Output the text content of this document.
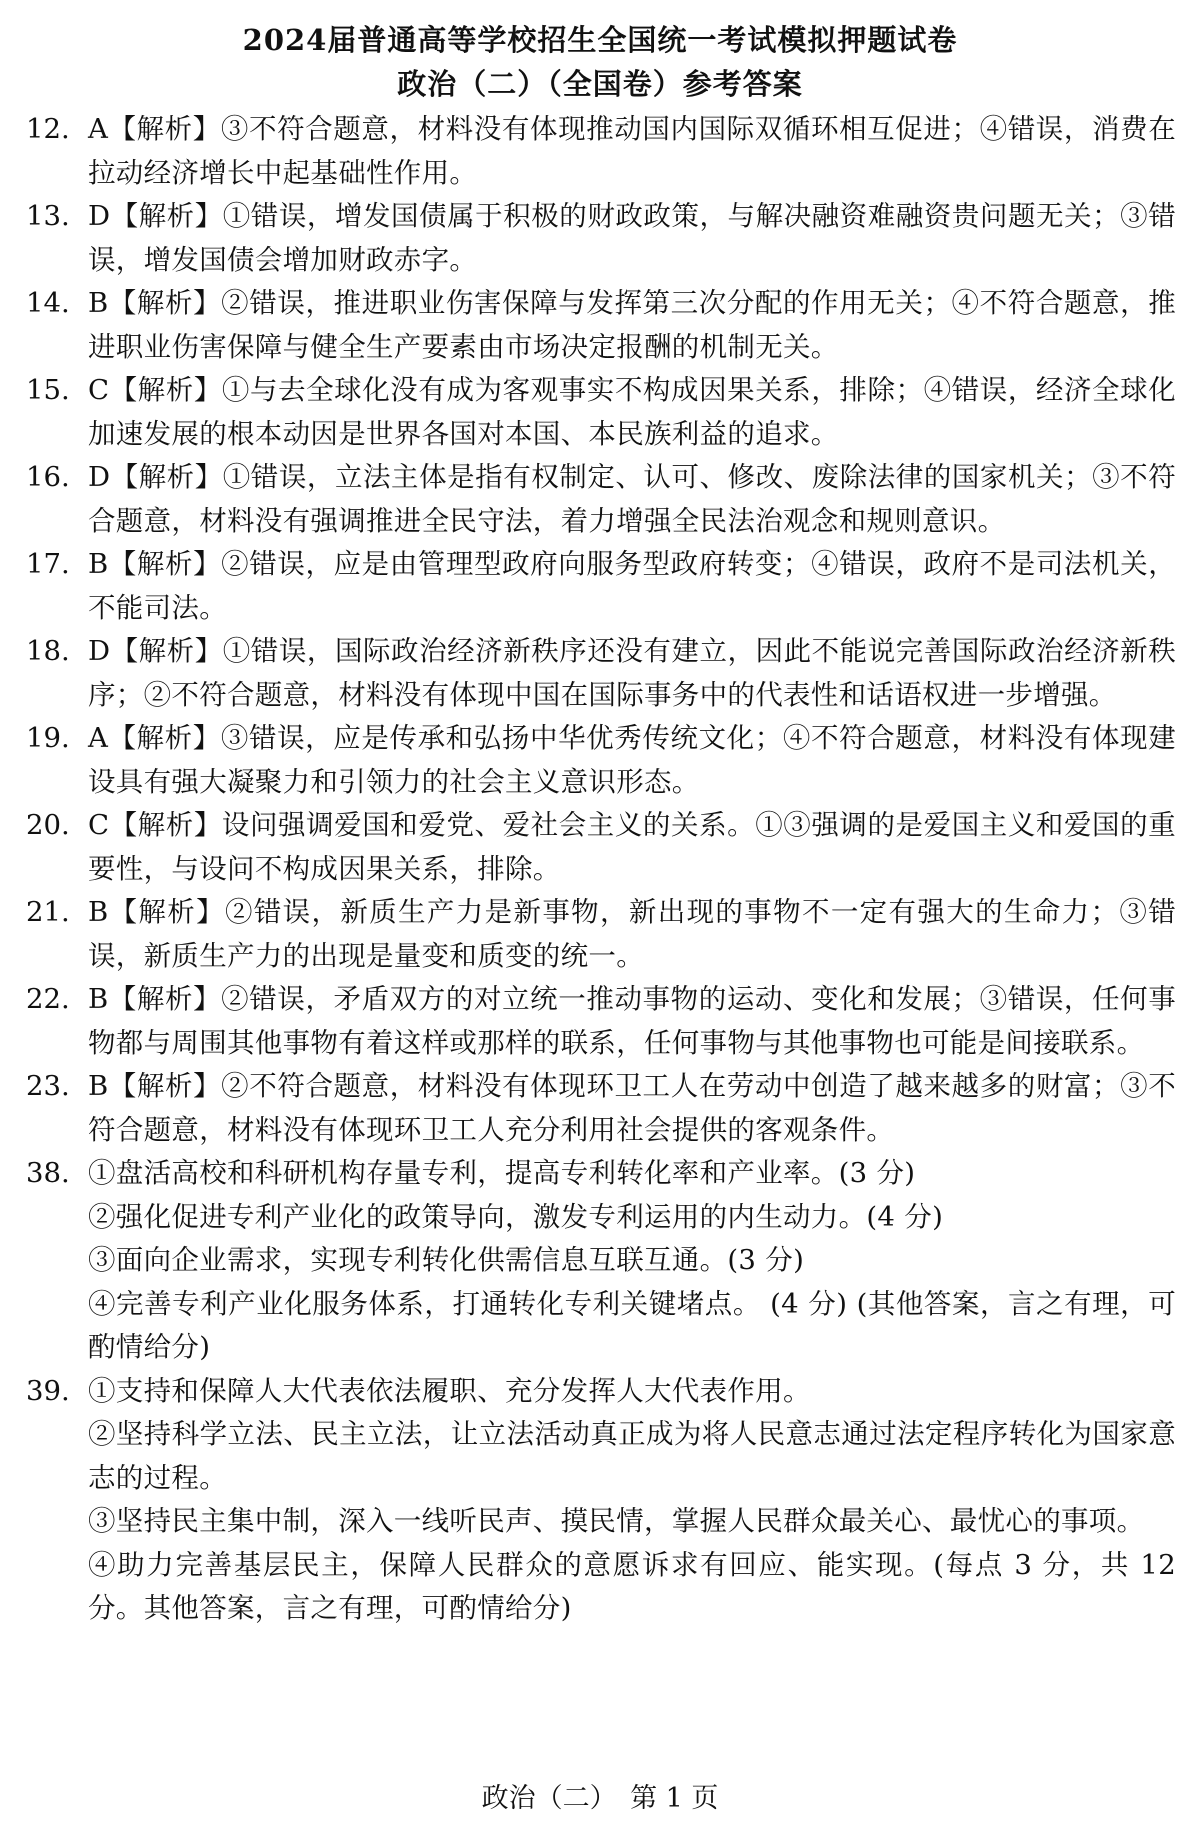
2024届普通高等学校招生全国统一考试模拟押题试卷
政治（二）（全国卷）参考答案
12. A【解析】③不符合题意，材料没有体现推动国内国际双循环相互促进；④错误，消费在拉动经济增长中起基础性作用。
13. D【解析】①错误，增发国债属于积极的财政政策，与解决融资难融资贵问题无关；③错误，增发国债会增加财政赤字。
14. B【解析】②错误，推进职业伤害保障与发挥第三次分配的作用无关；④不符合题意，推进职业伤害保障与健全生产要素由市场决定报酬的机制无关。
15. C【解析】①与去全球化没有成为客观事实不构成因果关系，排除；④错误，经济全球化加速发展的根本动因是世界各国对本国、本民族利益的追求。
16. D【解析】①错误，立法主体是指有权制定、认可、修改、废除法律的国家机关；③不符合题意，材料没有强调推进全民守法，着力增强全民法治观念和规则意识。
17. B【解析】②错误，应是由管理型政府向服务型政府转变；④错误，政府不是司法机关，不能司法。
18. D【解析】①错误，国际政治经济新秩序还没有建立，因此不能说完善国际政治经济新秩序；②不符合题意，材料没有体现中国在国际事务中的代表性和话语权进一步增强。
19. A【解析】③错误，应是传承和弘扬中华优秀传统文化；④不符合题意，材料没有体现建设具有强大凝聚力和引领力的社会主义意识形态。
20. C【解析】设问强调爱国和爱党、爱社会主义的关系。①③强调的是爱国主义和爱国的重要性，与设问不构成因果关系，排除。
21. B【解析】②错误，新质生产力是新事物，新出现的事物不一定有强大的生命力；③错误，新质生产力的出现是量变和质变的统一。
22. B【解析】②错误，矛盾双方的对立统一推动事物的运动、变化和发展；③错误，任何事物都与周围其他事物有着这样或那样的联系，任何事物与其他事物也可能是间接联系。
23. B【解析】②不符合题意，材料没有体现环卫工人在劳动中创造了越来越多的财富；③不符合题意，材料没有体现环卫工人充分利用社会提供的客观条件。
38. ①盘活高校和科研机构存量专利，提高专利转化率和产业率。(3 分)
②强化促进专利产业化的政策导向，激发专利运用的内生动力。(4 分)
③面向企业需求，实现专利转化供需信息互联互通。(3 分)
④完善专利产业化服务体系，打通转化专利关键堵点。 (4 分) (其他答案，言之有理，可酌情给分)
39. ①支持和保障人大代表依法履职、充分发挥人大代表作用。
②坚持科学立法、民主立法，让立法活动真正成为将人民意志通过法定程序转化为国家意志的过程。
③坚持民主集中制，深入一线听民声、摸民情，掌握人民群众最关心、最忧心的事项。
④助力完善基层民主，保障人民群众的意愿诉求有回应、能实现。(每点 3 分，共 12 分。其他答案，言之有理，可酌情给分)
政治（二）　第 1 页
